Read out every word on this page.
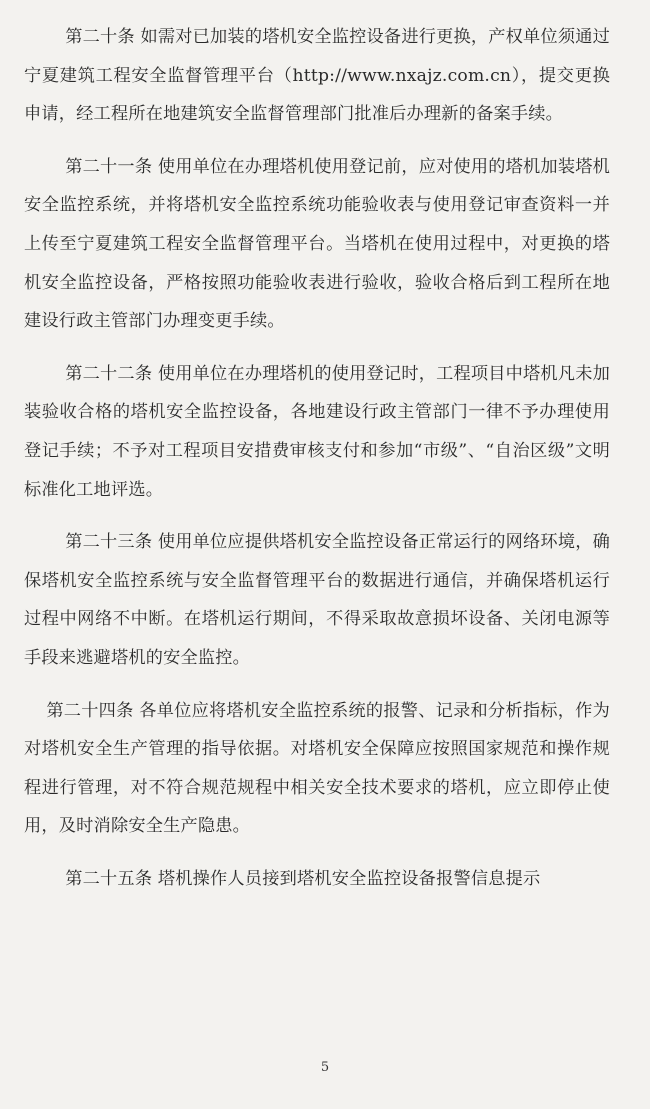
第二十条 如需对已加装的塔机安全监控设备进行更换，产权单位须通过宁夏建筑工程安全监督管理平台（http://www.nxajz.com.cn），提交更换申请，经工程所在地建筑安全监督管理部门批准后办理新的备案手续。

第二十一条 使用单位在办理塔机使用登记前，应对使用的塔机加装塔机安全监控系统，并将塔机安全监控系统功能验收表与使用登记审查资料一并上传至宁夏建筑工程安全监督管理平台。当塔机在使用过程中，对更换的塔机安全监控设备，严格按照功能验收表进行验收，验收合格后到工程所在地建设行政主管部门办理变更手续。

第二十二条 使用单位在办理塔机的使用登记时，工程项目中塔机凡未加装验收合格的塔机安全监控设备，各地建设行政主管部门一律不予办理使用登记手续；不予对工程项目安措费审核支付和参加“市级”、“自治区级”文明标准化工地评选。

第二十三条 使用单位应提供塔机安全监控设备正常运行的网络环境，确保塔机安全监控系统与安全监督管理平台的数据进行通信，并确保塔机运行过程中网络不中断。在塔机运行期间，不得采取故意损坏设备、关闭电源等手段来逃避塔机的安全监控。

第二十四条 各单位应将塔机安全监控系统的报警、记录和分析指标，作为对塔机安全生产管理的指导依据。对塔机安全保障应按照国家规范和操作规程进行管理，对不符合规范规程中相关安全技术要求的塔机，应立即停止使用，及时消除安全生产隐患。

第二十五条 塔机操作人员接到塔机安全监控设备报警信息提示

5
